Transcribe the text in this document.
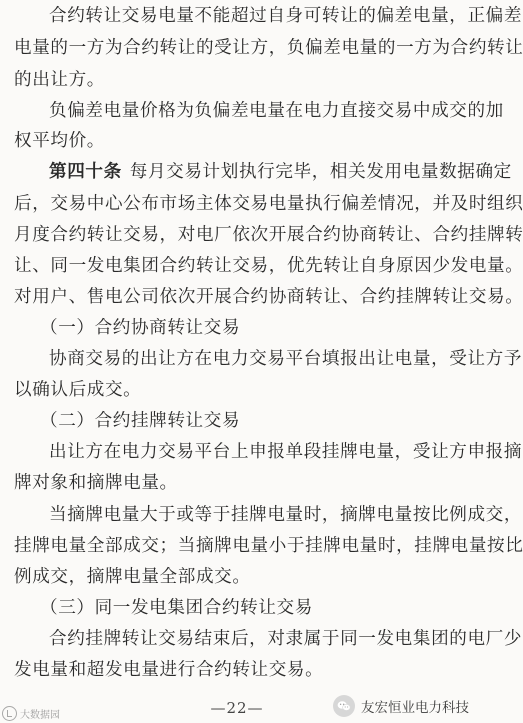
合约转让交易电量不能超过自身可转让的偏差电量，正偏差
电量的一方为合约转让的受让方，负偏差电量的一方为合约转让
的出让方。
负偏差电量价格为负偏差电量在电力直接交易中成交的加
权平均价。
第四十条 每月交易计划执行完毕，相关发用电量数据确定
后，交易中心公布市场主体交易电量执行偏差情况，并及时组织
月度合约转让交易，对电厂依次开展合约协商转让、合约挂牌转
让、同一发电集团合约转让交易，优先转让自身原因少发电量。
对用户、售电公司依次开展合约协商转让、合约挂牌转让交易。
（一）合约协商转让交易
协商交易的出让方在电力交易平台填报出让电量，受让方予
以确认后成交。
（二）合约挂牌转让交易
出让方在电力交易平台上申报单段挂牌电量，受让方申报摘
牌对象和摘牌电量。
当摘牌电量大于或等于挂牌电量时，摘牌电量按比例成交，
挂牌电量全部成交；当摘牌电量小于挂牌电量时，挂牌电量按比
例成交，摘牌电量全部成交。
（三）同一发电集团合约转让交易
合约挂牌转让交易结束后，对隶属于同一发电集团的电厂少
发电量和超发电量进行合约转让交易。
—22—
大数据园	友宏恒业电力科技
